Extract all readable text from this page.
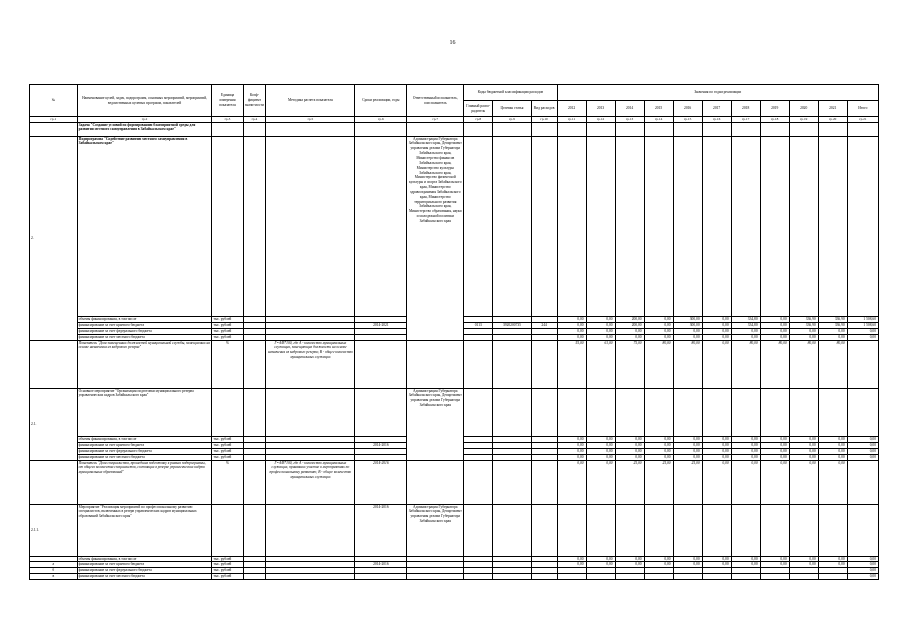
16
№	Наименование целей, задач, подпрограмм, основных мероприятий, мероприятий, ведомственных целевых программ, показателей	Единица измерения показателя	Коэф-фициент значи-мости	Методика расчета показателя	Сроки реализации, годы	Ответственный исполнитель, соисполнитель	Коды бюджетной классификации расходов			Значения по годам реализации										
							Главный распо-рядитель	Целевая статья	Вид расходов	2012	2013	2014	2015	2016	2017	2018	2019	2020	2021	Итого
гр.1	гр.2	гр.3	гр.4	гр.5	гр.6	гр.7	гр.8	гр.9	гр.10	гр.11	гр.12	гр.13	гр.14	гр.15	гр.16	гр.17	гр.18	гр.19	гр.20	гр.21
	Задача "Создание условий по формированию благоприятной среды для развития местного самоуправления в Забайкальском крае"																			
2.	Подпрограмма "Содействие развитию местного самоуправления в Забайкальском крае"					Администрация Губернатора Забайкальского края, Департамент управления делами Губернатора Забайкальского края, Министерство финансов Забайкальского края, Министерство культуры Забайкальского края, Министерство физической культуры и спорта Забайкальского края, Министерство здравоохранения Забайкальского края, Министерство территориального развития Забайкальского края, Министерство образования, науки и молодежной политики Забайкальского края														
	объемы финансирования, в том числе	тыс. рублей								0,00	0,00	200,00	0,00	300,00	0,00	334,80	0,00	336,90	336,90	1 508,60
	финансирование за счет краевого бюджета	тыс. рублей			2014-2021		0113	3920200735	244	0,00	0,00	200,00	0,00	300,00	0,00	334,80	0,00	336,90	336,90	1 508,60
	финансирование за счет федерального бюджета	тыс. рублей								0,00	0,00	0,00	0,00	0,00	0,00	0,00	0,00	0,00	0,00	0,00
	финансирование за счет местного бюджета	тыс. рублей								0,00	0,00	0,00	0,00	0,00	0,00	0,00	0,00	0,00	0,00	0,00
	Показатель "Доля замещенных должностей муниципальной службы, замещаемых на основе назначения из кадрового резерва"	%		Г=А/В*100, где А - количество муниципальных служащих, замещающих должности на основе назначения из кадрового резерва; В - общее количество муниципальных служащих						55,00	61,00	75,00	80,00	80,00	0,00	80,00	80,00	80,00	80,00	
2.1.	Основное мероприятие "Организация подготовки муниципального резерва управленческих кадров Забайкальского края"					Администрация Губернатора Забайкальского края, Департамент управления делами Губернатора Забайкальского края														
	объемы финансирования, в том числе	тыс. рублей								0,00	0,00	0,00	0,00	0,00	0,00	0,00	0,00	0,00	0,00	0,00
	финансирование за счет краевого бюджета	тыс. рублей			2014-2016					0,00	0,00	0,00	0,00	0,00	0,00	0,00	0,00	0,00	0,00	0,00
	финансирование за счет федерального бюджета	тыс. рублей								0,00	0,00	0,00	0,00	0,00	0,00	0,00	0,00	0,00	0,00	0,00
	финансирование за счет местного бюджета	тыс. рублей								0,00	0,00	0,00	0,00	0,00	0,00	0,00	0,00	0,00	0,00	0,00
	Показатель "Доля специалистов, прошедших подготовку в рамках подпрограммы, от общего количества специалистов, состоящих в резерве управленческих кадров муниципальных образований"	%		Г=А/В*100, где А - количество муниципальных служащих, принявших участие в мероприятиях по профессиональному развитию; В - общее количество муниципальных служащих	2014-2016					0,00	0,00	25,00	25,00	25,00	0,00	0,00	0,00	0,00	0,00	
2.1.1.	Мероприятие "Реализация мероприятий по профессиональному развитию специалистов, включенных в резерв управленческих кадров муниципальных образований Забайкальского края"				2014-2016	Администрация Губернатора Забайкальского края, Департамент управления делами Губернатора Забайкальского края														
	объемы финансирования, в том числе	тыс. рублей								0,00	0,00	0,00	0,00	0,00	0,00	0,00	0,00	0,00	0,00	0,00
а	финансирование за счет краевого бюджета	тыс. рублей			2014-2016					0,00	0,00	0,00	0,00	0,00	0,00	0,00	0,00	0,00	0,00	0,00
б	финансирование за счет федерального бюджета	тыс. рублей																		0,00
в	финансирование за счет местного бюджета	тыс. рублей																		0,00
